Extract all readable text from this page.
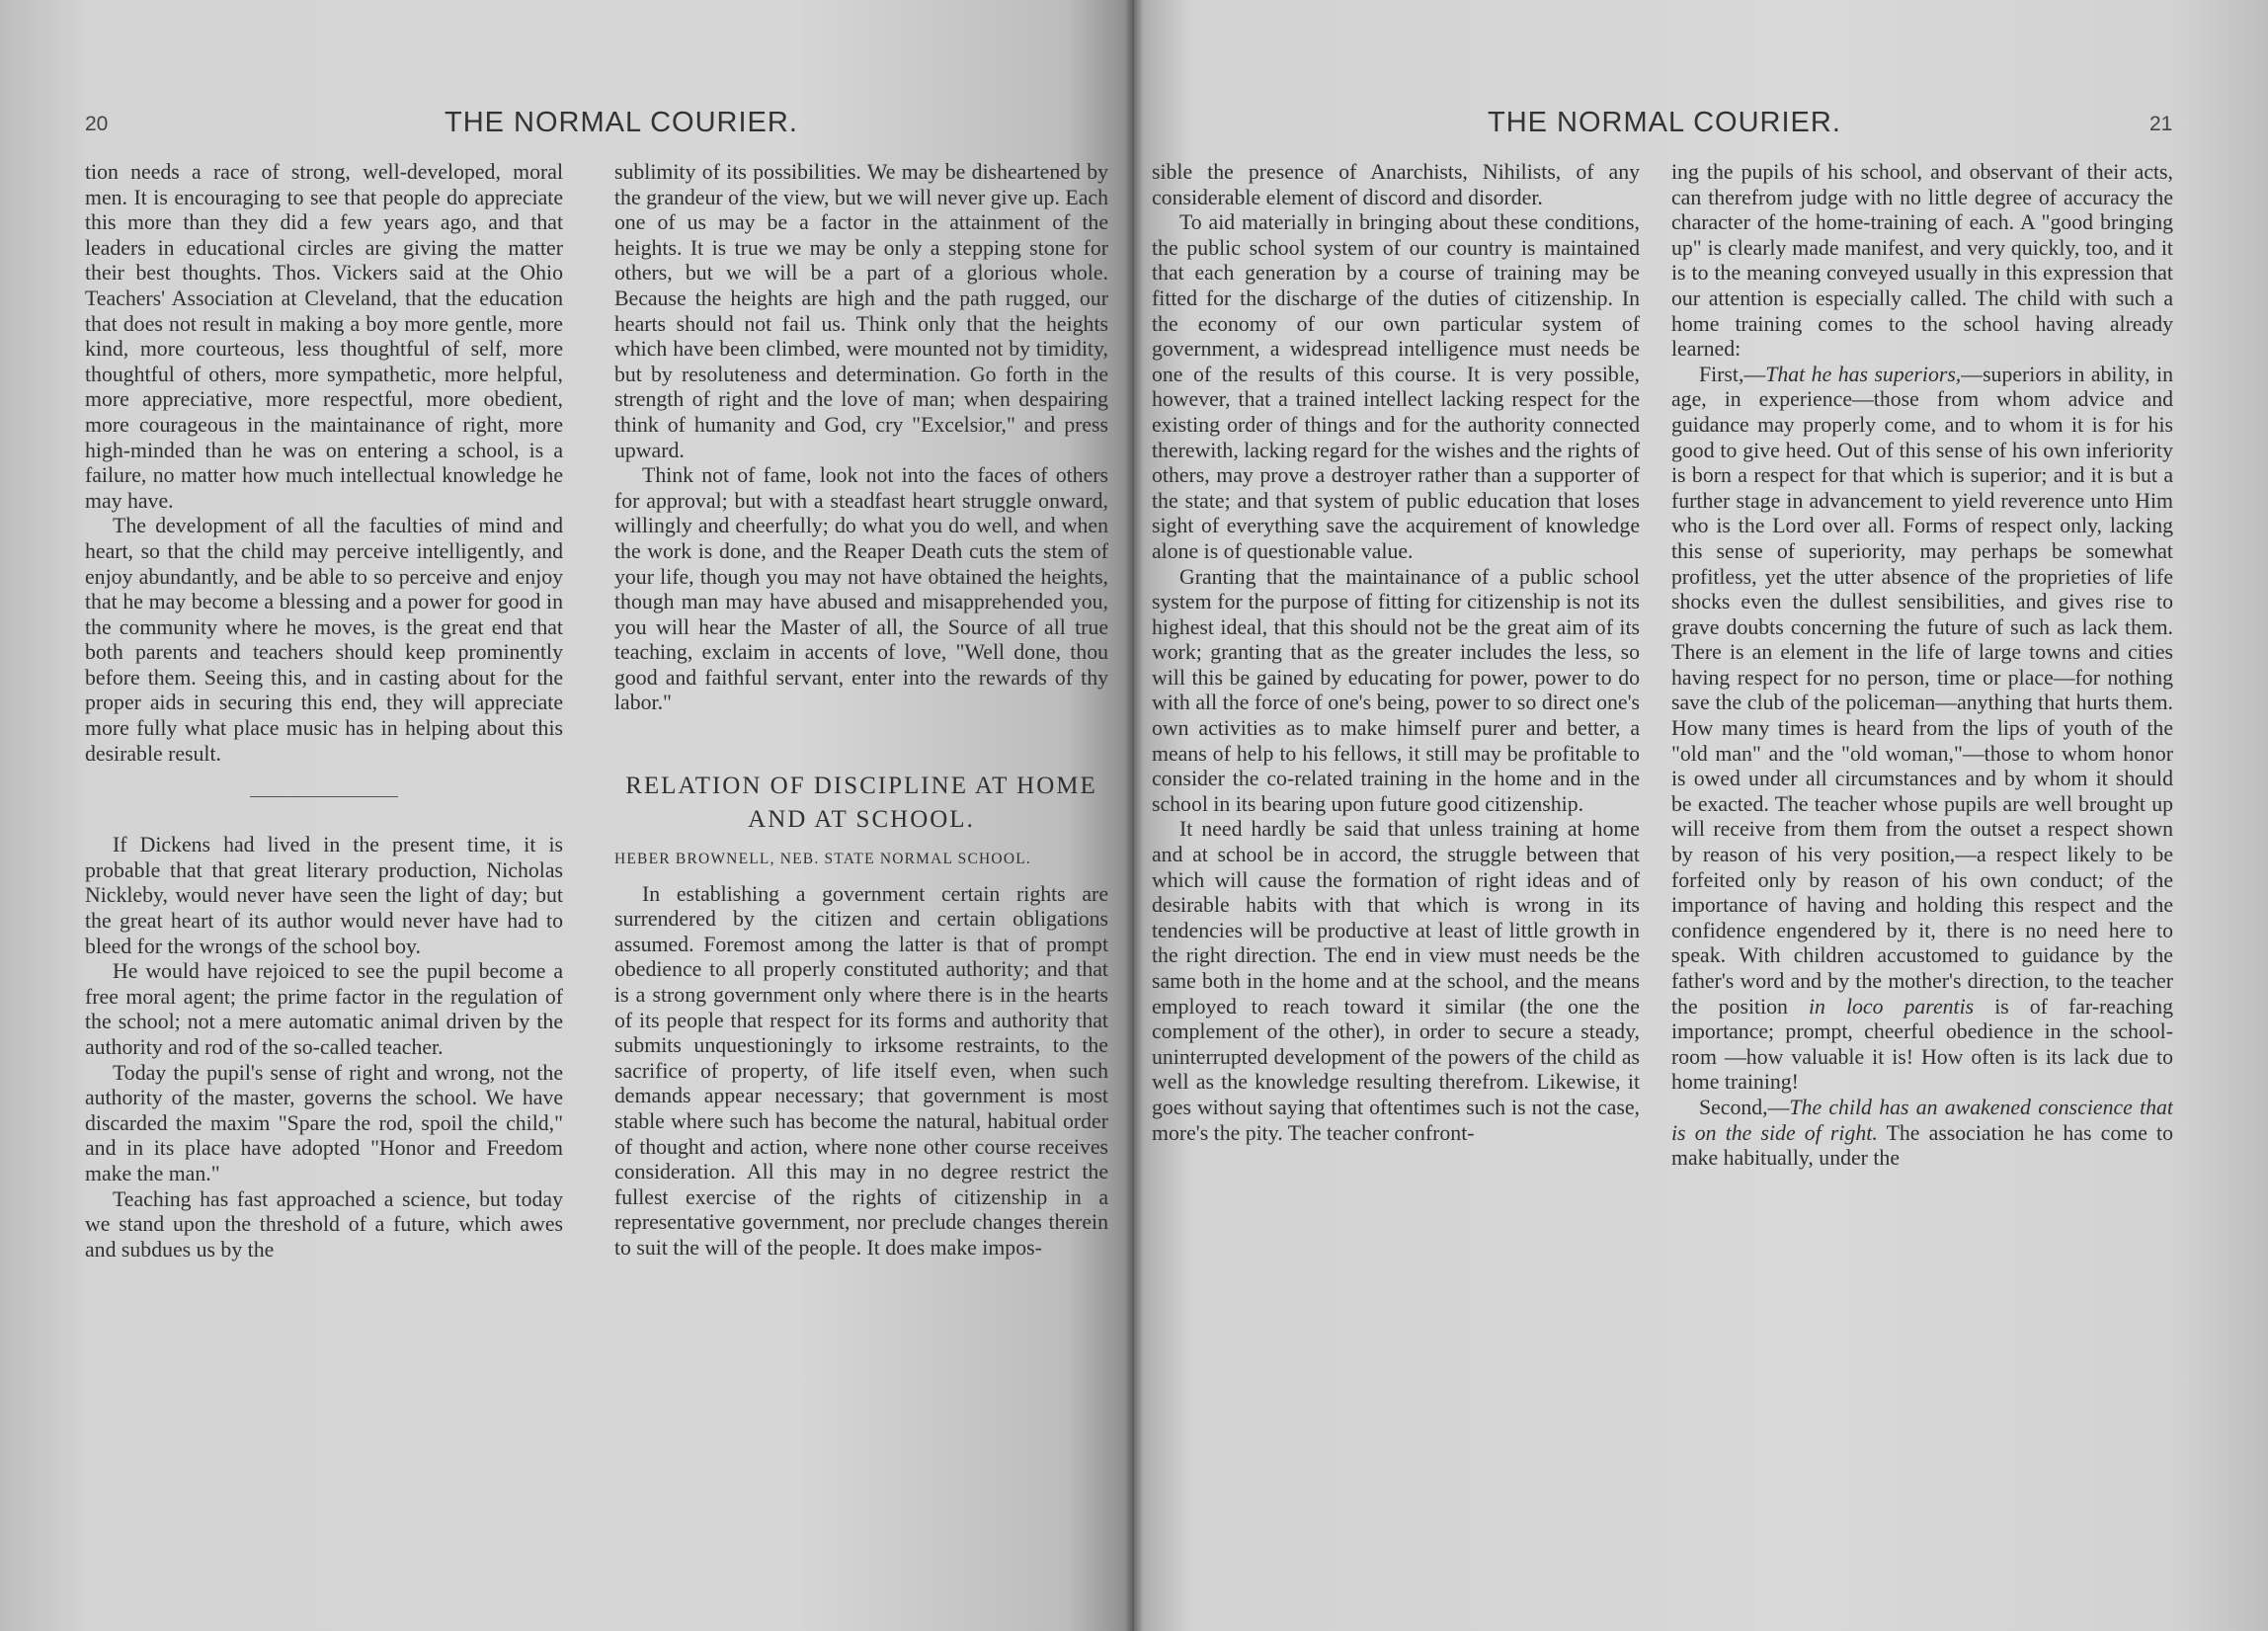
20	THE NORMAL COURIER.

tion needs a race of strong, well-developed, moral men. It is encouraging to see that people do appreciate this more than they did a few years ago, and that leaders in educational circles are giving the matter their best thoughts. Thos. Vickers said at the Ohio Teachers' Association at Cleveland, that the education that does not result in making a boy more gentle, more kind, more courteous, less thoughtful of self, more thoughtful of others, more sympathetic, more helpful, more appreciative, more respectful, more obedient, more courageous in the maintainance of right, more high-minded than he was on entering a school, is a failure, no matter how much intellectual knowledge he may have.

The development of all the faculties of mind and heart, so that the child may perceive intelligently, and enjoy abundantly, and be able to so perceive and enjoy that he may become a blessing and a power for good in the community where he moves, is the great end that both parents and teachers should keep prominently before them. Seeing this, and in casting about for the proper aids in securing this end, they will appreciate more fully what place music has in helping about this desirable result.

If Dickens had lived in the present time, it is probable that that great literary production, Nicholas Nickleby, would never have seen the light of day; but the great heart of its author would never have had to bleed for the wrongs of the school boy.

He would have rejoiced to see the pupil become a free moral agent; the prime factor in the regulation of the school; not a mere automatic animal driven by the authority and rod of the so-called teacher.

Today the pupil's sense of right and wrong, not the authority of the master, governs the school. We have discarded the maxim "Spare the rod, spoil the child," and in its place have adopted "Honor and Freedom make the man."

Teaching has fast approached a science, but today we stand upon the threshold of a future, which awes and subdues us by the

sublimity of its possibilities. We may be disheartened by the grandeur of the view, but we will never give up. Each one of us may be a factor in the attainment of the heights. It is true we may be only a stepping stone for others, but we will be a part of a glorious whole. Because the heights are high and the path rugged, our hearts should not fail us. Think only that the heights which have been climbed, were mounted not by timidity, but by resoluteness and determination. Go forth in the strength of right and the love of man; when despairing think of humanity and God, cry "Excelsior," and press upward.

Think not of fame, look not into the faces of others for approval; but with a steadfast heart struggle onward, willingly and cheerfully; do what you do well, and when the work is done, and the Reaper Death cuts the stem of your life, though you may not have obtained the heights, though man may have abused and misapprehended you, you will hear the Master of all, the Source of all true teaching, exclaim in accents of love, "Well done, thou good and faithful servant, enter into the rewards of thy labor."

RELATION OF DISCIPLINE AT HOME
AND AT SCHOOL.
HEBER BROWNELL, NEB. STATE NORMAL SCHOOL.

In establishing a government certain rights are surrendered by the citizen and certain obligations assumed. Foremost among the latter is that of prompt obedience to all properly constituted authority; and that is a strong government only where there is in the hearts of its people that respect for its forms and authority that submits unquestioningly to irksome restraints, to the sacrifice of property, of life itself even, when such demands appear necessary; that government is most stable where such has become the natural, habitual order of thought and action, where none other course receives consideration. All this may in no degree restrict the fullest exercise of the rights of citizenship in a representative government, nor preclude changes therein to suit the will of the people. It does make impos-

THE NORMAL COURIER.	21

sible the presence of Anarchists, Nihilists, of any considerable element of discord and disorder.

To aid materially in bringing about these conditions, the public school system of our country is maintained that each generation by a course of training may be fitted for the discharge of the duties of citizenship. In the economy of our own particular system of government, a widespread intelligence must needs be one of the results of this course. It is very possible, however, that a trained intellect lacking respect for the existing order of things and for the authority connected therewith, lacking regard for the wishes and the rights of others, may prove a destroyer rather than a supporter of the state; and that system of public education that loses sight of everything save the acquirement of knowledge alone is of questionable value.

Granting that the maintainance of a public school system for the purpose of fitting for citizenship is not its highest ideal, that this should not be the great aim of its work; granting that as the greater includes the less, so will this be gained by educating for power, power to do with all the force of one's being, power to so direct one's own activities as to make himself purer and better, a means of help to his fellows, it still may be profitable to consider the co-related training in the home and in the school in its bearing upon future good citizenship.

It need hardly be said that unless training at home and at school be in accord, the struggle between that which will cause the formation of right ideas and of desirable habits with that which is wrong in its tendencies will be productive at least of little growth in the right direction. The end in view must needs be the same both in the home and at the school, and the means employed to reach toward it similar (the one the complement of the other), in order to secure a steady, uninterrupted development of the powers of the child as well as the knowledge resulting therefrom. Likewise, it goes without saying that oftentimes such is not the case, more's the pity. The teacher confront-

ing the pupils of his school, and observant of their acts, can therefrom judge with no little degree of accuracy the character of the home-training of each. A "good bringing up" is clearly made manifest, and very quickly, too, and it is to the meaning conveyed usually in this expression that our attention is especially called. The child with such a home training comes to the school having already learned:

First,—That he has superiors,—superiors in ability, in age, in experience—those from whom advice and guidance may properly come, and to whom it is for his good to give heed. Out of this sense of his own inferiority is born a respect for that which is superior; and it is but a further stage in advancement to yield reverence unto Him who is the Lord over all. Forms of respect only, lacking this sense of superiority, may perhaps be somewhat profitless, yet the utter absence of the proprieties of life shocks even the dullest sensibilities, and gives rise to grave doubts concerning the future of such as lack them. There is an element in the life of large towns and cities having respect for no person, time or place—for nothing save the club of the policeman—anything that hurts them. How many times is heard from the lips of youth of the "old man" and the "old woman,"—those to whom honor is owed under all circumstances and by whom it should be exacted. The teacher whose pupils are well brought up will receive from them from the outset a respect shown by reason of his very position,—a respect likely to be forfeited only by reason of his own conduct; of the importance of having and holding this respect and the confidence engendered by it, there is no need here to speak. With children accustomed to guidance by the father's word and by the mother's direction, to the teacher the position in loco parentis is of far-reaching importance; prompt, cheerful obedience in the school-room —how valuable it is! How often is its lack due to home training!

Second,—The child has an awakened conscience that is on the side of right. The association he has come to make habitually, under the
